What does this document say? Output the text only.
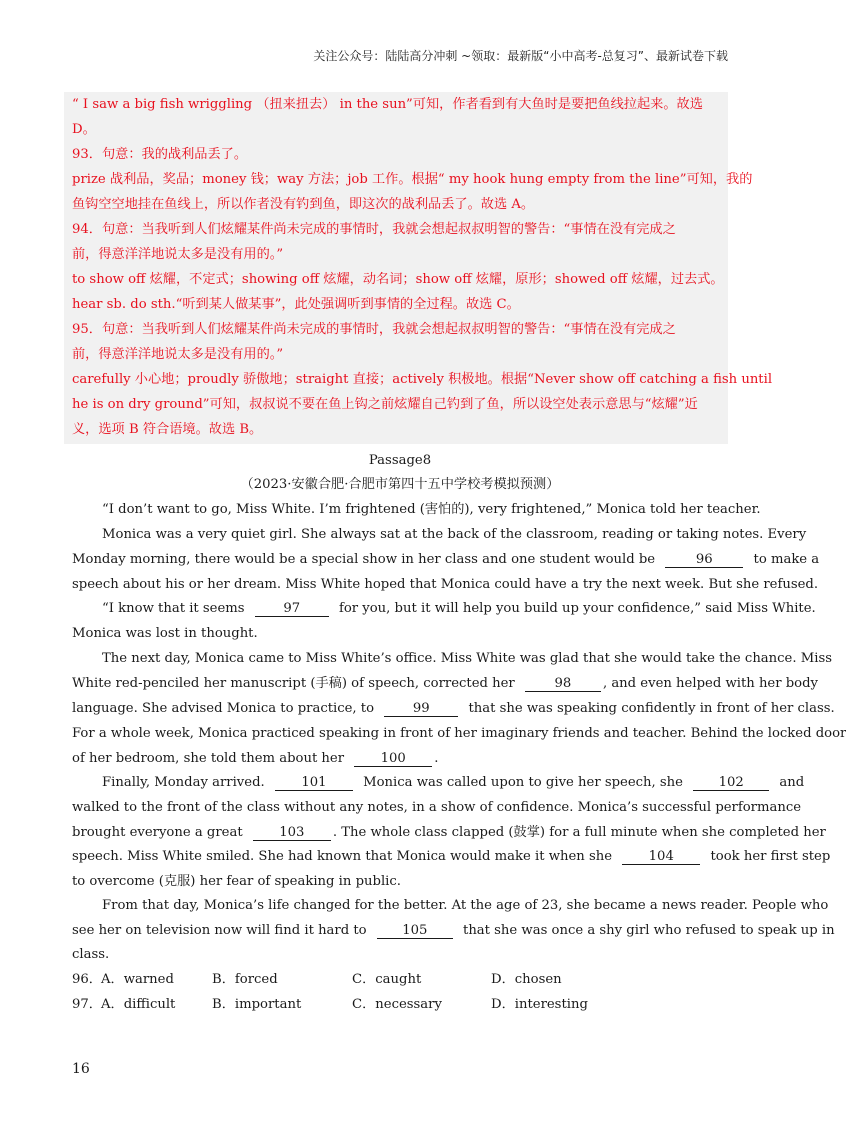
关注公众号：陆陆高分冲刺 ~领取：最新版“小中高考-总复习”、最新试卷下载
“ I saw a big fish wriggling （扭来扭去） in the sun”可知，作者看到有大鱼时是要把鱼线拉起来。故选
D。
93．句意：我的战利品丢了。
prize 战利品，奖品；money 钱；way 方法；job 工作。根据“ my hook hung empty from the line”可知，我的
鱼钩空空地挂在鱼线上，所以作者没有钓到鱼，即这次的战利品丢了。故选 A。
94．句意：当我听到人们炫耀某件尚未完成的事情时，我就会想起叔叔明智的警告：“事情在没有完成之
前，得意洋洋地说太多是没有用的。”
to show off 炫耀，不定式；showing off 炫耀，动名词；show off 炫耀，原形；showed off 炫耀，过去式。
hear sb. do sth.“听到某人做某事”，此处强调听到事情的全过程。故选 C。
95．句意：当我听到人们炫耀某件尚未完成的事情时，我就会想起叔叔明智的警告：“事情在没有完成之
前，得意洋洋地说太多是没有用的。”
carefully 小心地；proudly 骄傲地；straight 直接；actively 积极地。根据“Never show off catching a fish until
he is on dry ground”可知，叔叔说不要在鱼上钩之前炫耀自己钓到了鱼，所以设空处表示意思与“炫耀”近
义，选项 B 符合语境。故选 B。
Passage8
（2023·安徽合肥·合肥市第四十五中学校考模拟预测）
“I don’t want to go, Miss White. I’m frightened (害怕的), very frightened,” Monica told her teacher.
Monica was a very quiet girl. She always sat at the back of the classroom, reading or taking notes. Every
Monday morning, there would be a special show in her class and one student would be	96	to make a
speech about his or her dream. Miss White hoped that Monica could have a try the next week. But she refused.
“I know that it seems	97	for you, but it will help you build up your confidence,” said Miss White.
Monica was lost in thought.
The next day, Monica came to Miss White’s office. Miss White was glad that she would take the chance. Miss
White red-penciled her manuscript (手稿) of speech, corrected her	98 , and even helped with her body
language. She advised Monica to practice, to	99	that she was speaking confidently in front of her class.
For a whole week, Monica practiced speaking in front of her imaginary friends and teacher. Behind the locked door
of her bedroom, she told them about her	100 .
Finally, Monday arrived.	101	Monica was called upon to give her speech, she	102	and
walked to the front of the class without any notes, in a show of confidence. Monica’s successful performance
brought everyone a great	103 . The whole class clapped (鼓掌) for a full minute when she completed her
speech. Miss White smiled. She had known that Monica would make it when she	104	took her first step
to overcome (克服) her fear of speaking in public.
From that day, Monica’s life changed for the better. At the age of 23, she became a news reader. People who
see her on television now will find it hard to	105	that she was once a shy girl who refused to speak up in
class.
96． A．warned	B．forced	C．caught	D．chosen
97． A．difficult	B．important	C．necessary	D．interesting
16
